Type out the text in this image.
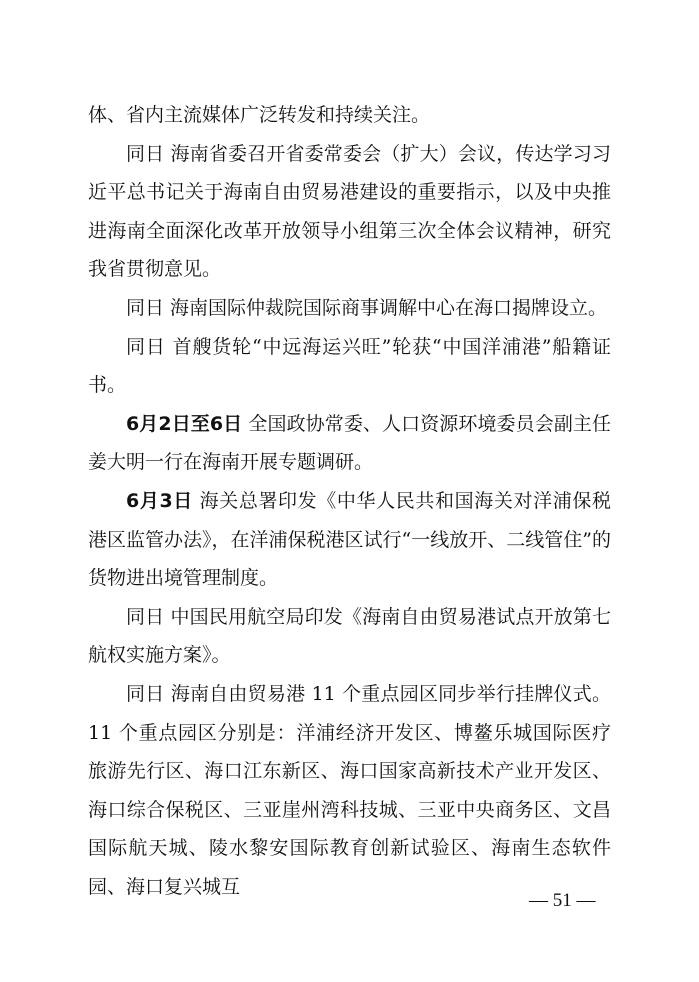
体、省内主流媒体广泛转发和持续关注。

同日 海南省委召开省委常委会（扩大）会议，传达学习习近平总书记关于海南自由贸易港建设的重要指示，以及中央推进海南全面深化改革开放领导小组第三次全体会议精神，研究我省贯彻意见。

同日 海南国际仲裁院国际商事调解中心在海口揭牌设立。

同日 首艘货轮“中远海运兴旺”轮获“中国洋浦港”船籍证书。

6月2日至6日 全国政协常委、人口资源环境委员会副主任姜大明一行在海南开展专题调研。

6月3日 海关总署印发《中华人民共和国海关对洋浦保税港区监管办法》，在洋浦保税港区试行“一线放开、二线管住”的货物进出境管理制度。

同日 中国民用航空局印发《海南自由贸易港试点开放第七航权实施方案》。

同日 海南自由贸易港 11 个重点园区同步举行挂牌仪式。11 个重点园区分别是：洋浦经济开发区、博鳌乐城国际医疗旅游先行区、海口江东新区、海口国家高新技术产业开发区、海口综合保税区、三亚崖州湾科技城、三亚中央商务区、文昌国际航天城、陵水黎安国际教育创新试验区、海南生态软件园、海口复兴城互

— 51 —
